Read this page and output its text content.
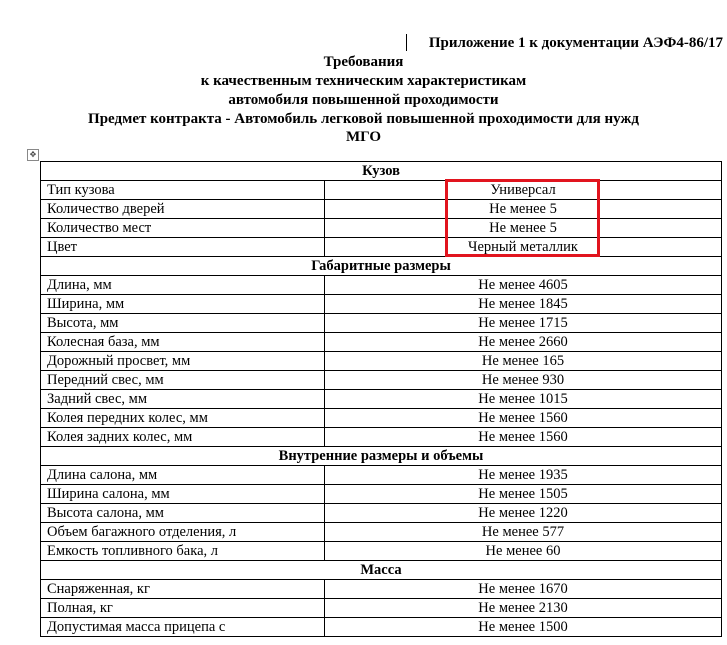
Приложение 1 к документации АЭФ4-86/17
Требования
к качественным техническим характеристикам
автомобиля повышенной проходимости
Предмет контракта - Автомобиль легковой повышенной проходимости для нужд
МГО
✥
Кузов	
Тип кузова	Универсал
Количество дверей	Не менее 5
Количество мест	Не менее 5
Цвет	Черный металлик
Габаритные размеры	
Длина, мм	Не менее 4605
Ширина, мм	Не менее 1845
Высота, мм	Не менее 1715
Колесная база, мм	Не менее 2660
Дорожный просвет, мм	Не менее 165
Передний свес, мм	Не менее 930
Задний свес, мм	Не менее 1015
Колея передних колес, мм	Не менее 1560
Колея задних колес, мм	Не менее 1560
Внутренние размеры и объемы	
Длина салона, мм	Не менее 1935
Ширина салона, мм	Не менее 1505
Высота салона, мм	Не менее 1220
Объем багажного отделения, л	Не менее 577
Емкость топливного бака, л	Не менее 60
Масса	
Снаряженная, кг	Не менее 1670
Полная, кг	Не менее 2130
Допустимая масса прицепа с	Не менее 1500
